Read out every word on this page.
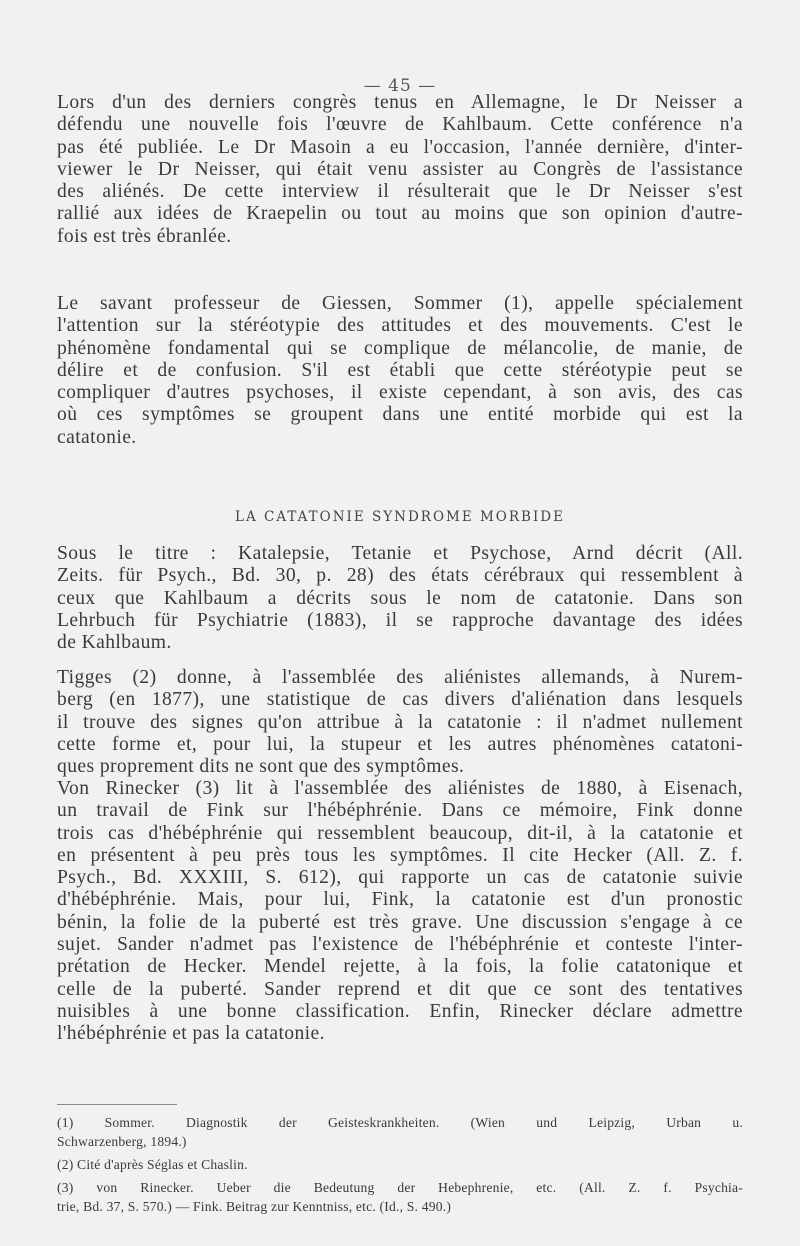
— 45 —
Lors d'un des derniers congrès tenus en Allemagne, le Dr Neisser a
défendu une nouvelle fois l'œuvre de Kahlbaum. Cette conférence n'a
pas été publiée. Le Dr Masoin a eu l'occasion, l'année dernière, d'inter-
viewer le Dr Neisser, qui était venu assister au Congrès de l'assistance
des aliénés. De cette interview il résulterait que le Dr Neisser s'est
rallié aux idées de Kraepelin ou tout au moins que son opinion d'autre-
fois est très ébranlée.
Le savant professeur de Giessen, Sommer (1), appelle spécialement
l'attention sur la stéréotypie des attitudes et des mouvements. C'est le
phénomène fondamental qui se complique de mélancolie, de manie, de
délire et de confusion. S'il est établi que cette stéréotypie peut se
compliquer d'autres psychoses, il existe cependant, à son avis, des cas
où ces symptômes se groupent dans une entité morbide qui est la
catatonie.
LA CATATONIE SYNDROME MORBIDE
Sous le titre : Katalepsie, Tetanie et Psychose, Arnd décrit (All.
Zeits. für Psych., Bd. 30, p. 28) des états cérébraux qui ressemblent à
ceux que Kahlbaum a décrits sous le nom de catatonie. Dans son
Lehrbuch für Psychiatrie (1883), il se rapproche davantage des idées
de Kahlbaum.
Tigges (2) donne, à l'assemblée des aliénistes allemands, à Nurem-
berg (en 1877), une statistique de cas divers d'aliénation dans lesquels
il trouve des signes qu'on attribue à la catatonie : il n'admet nullement
cette forme et, pour lui, la stupeur et les autres phénomènes catatoni-
ques proprement dits ne sont que des symptômes.
Von Rinecker (3) lit à l'assemblée des aliénistes de 1880, à Eisenach,
un travail de Fink sur l'hébéphrénie. Dans ce mémoire, Fink donne
trois cas d'hébéphrénie qui ressemblent beaucoup, dit-il, à la catatonie et
en présentent à peu près tous les symptômes. Il cite Hecker (All. Z. f.
Psych., Bd. XXXIII, S. 612), qui rapporte un cas de catatonie suivie
d'hébéphrénie. Mais, pour lui, Fink, la catatonie est d'un pronostic
bénin, la folie de la puberté est très grave. Une discussion s'engage à ce
sujet. Sander n'admet pas l'existence de l'hébéphrénie et conteste l'inter-
prétation de Hecker. Mendel rejette, à la fois, la folie catatonique et
celle de la puberté. Sander reprend et dit que ce sont des tentatives
nuisibles à une bonne classification. Enfin, Rinecker déclare admettre
l'hébéphrénie et pas la catatonie.
(1) Sommer. Diagnostik der Geisteskrankheiten. (Wien und Leipzig, Urban u.
Schwarzenberg, 1894.)
(2) Cité d'après Séglas et Chaslin.
(3) von Rinecker. Ueber die Bedeutung der Hebephrenie, etc. (All. Z. f. Psychia-
trie, Bd. 37, S. 570.) — Fink. Beitrag zur Kenntniss, etc. (Id., S. 490.)
